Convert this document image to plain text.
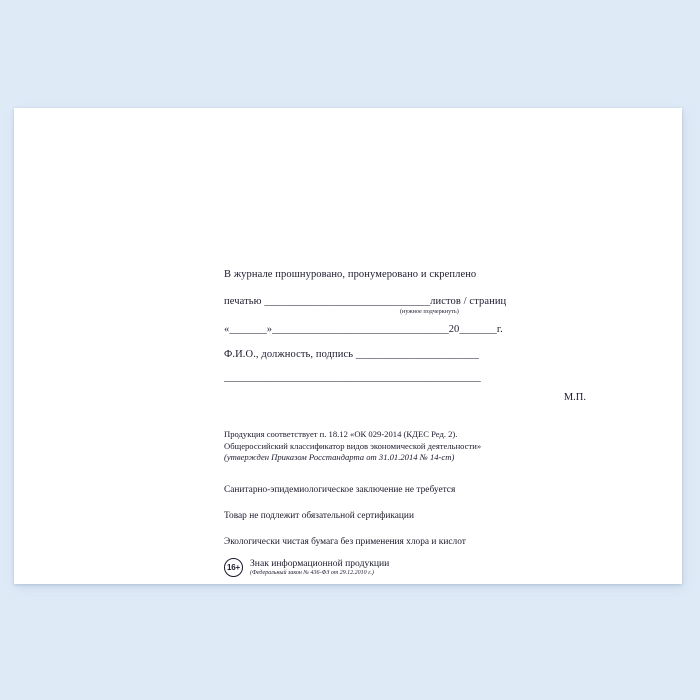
В журнале прошнуровано, пронумеровано и скреплено
печатью _______________________________листов / страниц
(нужное подчеркнуть)
«_______»_________________________________20_______г.
Ф.И.О., должность, подпись _______________________
________________________________________________
М.П.
Продукция соответствует п. 18.12 «ОК 029-2014 (КДЕС Ред. 2).
Общероссийский классификатор видов экономической деятельности»
(утвержден Приказом Росстандарта от 31.01.2014 № 14-ст)
Санитарно-эпидемиологическое заключение не требуется
Товар не подлежит обязательной сертификации
Экологически чистая бумага без применения хлора и кислот
16+	Знак информационной продукции
(Федеральный закон № 436-ФЗ от 29.12.2010 г.)
